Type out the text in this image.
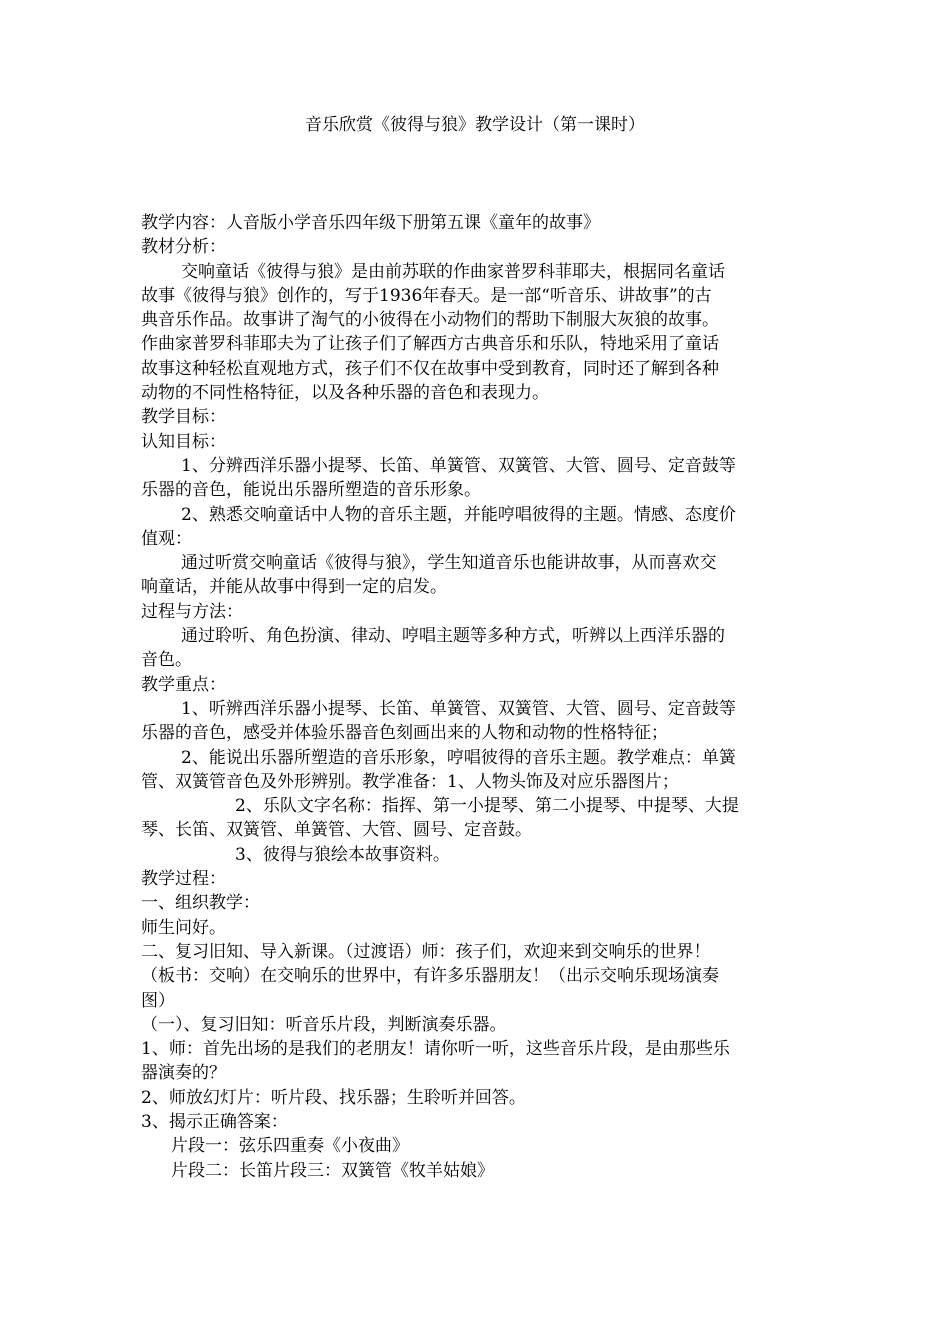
音乐欣赏《彼得与狼》教学设计（第一课时）

教学内容：人音版小学音乐四年级下册第五课《童年的故事》

教材分析：

交响童话《彼得与狼》是由前苏联的作曲家普罗科菲耶夫，根据同名童话

故事《彼得与狼》创作的，写于1936年春天。是一部“听音乐、讲故事”的古

典音乐作品。故事讲了淘气的小彼得在小动物们的帮助下制服大灰狼的故事。

作曲家普罗科菲耶夫为了让孩子们了解西方古典音乐和乐队，特地采用了童话

故事这种轻松直观地方式，孩子们不仅在故事中受到教育，同时还了解到各种

动物的不同性格特征，以及各种乐器的音色和表现力。

教学目标：

认知目标：

1、分辨西洋乐器小提琴、长笛、单簧管、双簧管、大管、圆号、定音鼓等

乐器的音色，能说出乐器所塑造的音乐形象。

2、熟悉交响童话中人物的音乐主题，并能哼唱彼得的主题。情感、态度价

值观：

通过听赏交响童话《彼得与狼》，学生知道音乐也能讲故事，从而喜欢交

响童话，并能从故事中得到一定的启发。

过程与方法：

通过聆听、角色扮演、律动、哼唱主题等多种方式，听辨以上西洋乐器的

音色。

教学重点：

1、听辨西洋乐器小提琴、长笛、单簧管、双簧管、大管、圆号、定音鼓等

乐器的音色，感受并体验乐器音色刻画出来的人物和动物的性格特征；

2、能说出乐器所塑造的音乐形象，哼唱彼得的音乐主题。教学难点：单簧

管、双簧管音色及外形辨别。教学准备：1、人物头饰及对应乐器图片；

2、乐队文字名称：指挥、第一小提琴、第二小提琴、中提琴、大提

琴、长笛、双簧管、单簧管、大管、圆号、定音鼓。

3、彼得与狼绘本故事资料。

教学过程：

一、组织教学：

师生问好。

二、复习旧知、导入新课。（过渡语）师：孩子们，欢迎来到交响乐的世界！

（板书：交响）在交响乐的世界中，有许多乐器朋友！（出示交响乐现场演奏

图）

（一）、复习旧知：听音乐片段，判断演奏乐器。

1、师：首先出场的是我们的老朋友！请你听一听，这些音乐片段，是由那些乐

器演奏的？

2、师放幻灯片：听片段、找乐器；生聆听并回答。

3、揭示正确答案：

片段一：弦乐四重奏《小夜曲》

片段二：长笛片段三：双簧管《牧羊姑娘》
